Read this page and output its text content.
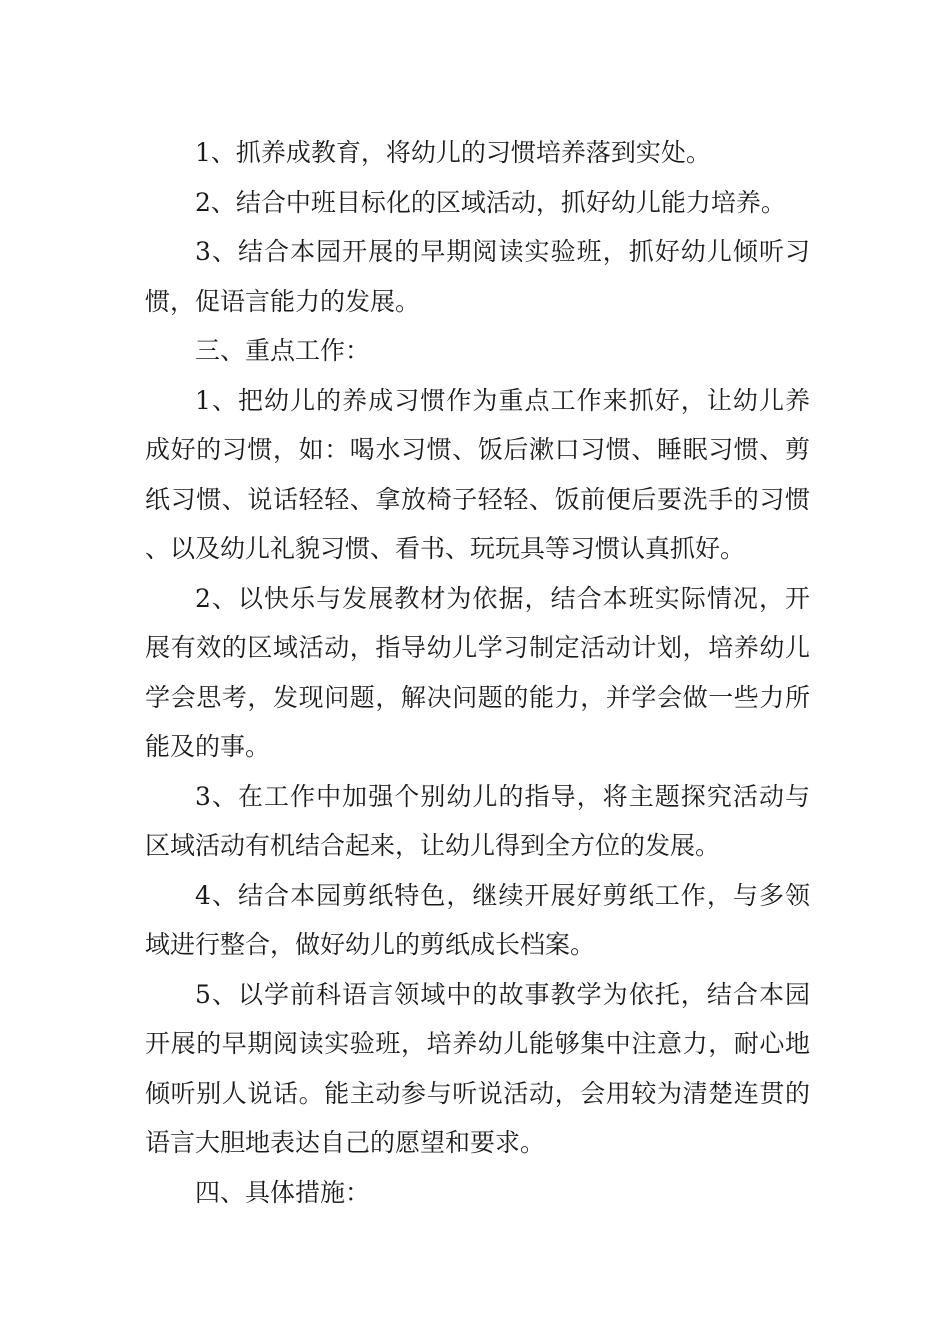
1、抓养成教育，将幼儿的习惯培养落到实处。

2、结合中班目标化的区域活动，抓好幼儿能力培养。

3、结合本园开展的早期阅读实验班，抓好幼儿倾听习惯，促语言能力的发展。

三、重点工作：

1、把幼儿的养成习惯作为重点工作来抓好，让幼儿养成好的习惯，如：喝水习惯、饭后漱口习惯、睡眠习惯、剪纸习惯、说话轻轻、拿放椅子轻轻、饭前便后要洗手的习惯、以及幼儿礼貌习惯、看书、玩玩具等习惯认真抓好。

2、以快乐与发展教材为依据，结合本班实际情况，开展有效的区域活动，指导幼儿学习制定活动计划，培养幼儿学会思考，发现问题，解决问题的能力，并学会做一些力所能及的事。

3、在工作中加强个别幼儿的指导，将主题探究活动与区域活动有机结合起来，让幼儿得到全方位的发展。

4、结合本园剪纸特色，继续开展好剪纸工作，与多领域进行整合，做好幼儿的剪纸成长档案。

5、以学前科语言领域中的故事教学为依托，结合本园开展的早期阅读实验班，培养幼儿能够集中注意力，耐心地倾听别人说话。能主动参与听说活动，会用较为清楚连贯的语言大胆地表达自己的愿望和要求。

四、具体措施：
